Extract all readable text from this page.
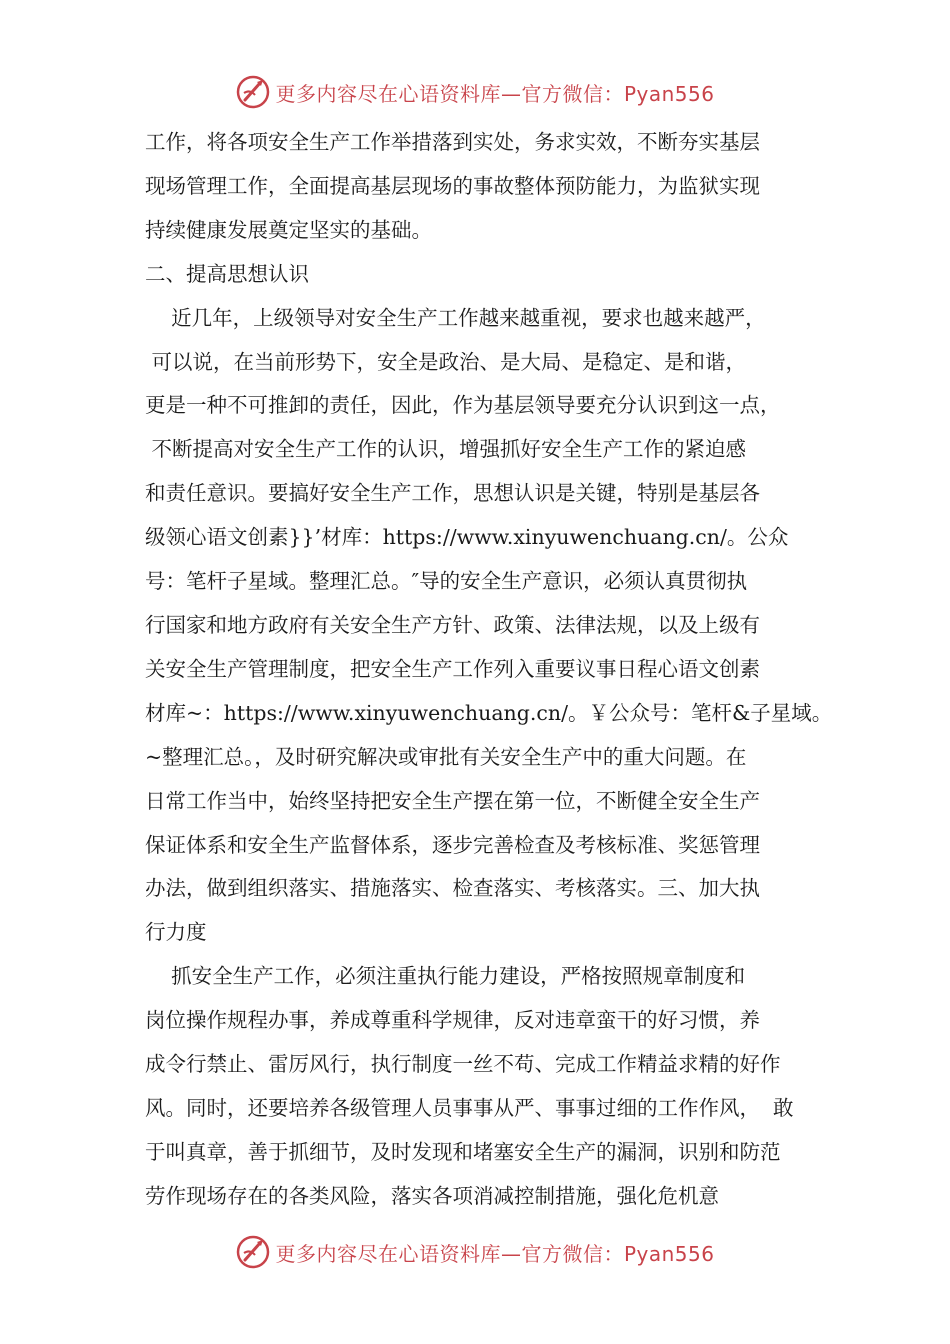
更多内容尽在心语资料库—官方微信：Pyan556
工作，将各项安全生产工作举措落到实处，务求实效，不断夯实基层
现场管理工作，全面提高基层现场的事故整体预防能力，为监狱实现
持续健康发展奠定坚实的基础。
二、提高思想认识
近几年，上级领导对安全生产工作越来越重视，要求也越来越严，
可以说，在当前形势下，安全是政治、是大局、是稳定、是和谐，
更是一种不可推卸的责任，因此，作为基层领导要充分认识到这一点，
不断提高对安全生产工作的认识，增强抓好安全生产工作的紧迫感
和责任意识。要搞好安全生产工作，思想认识是关键，特别是基层各
级领心语文创素}}’材库：https://www.xinyuwenchuang.cn/。公众
号：笔杆子星域。整理汇总。″导的安全生产意识，必须认真贯彻执
行国家和地方政府有关安全生产方针、政策、法律法规，以及上级有
关安全生产管理制度，把安全生产工作列入重要议事日程心语文创素
材库~：https://www.xinyuwenchuang.cn/。￥公众号：笔杆&子星域。
~整理汇总。，及时研究解决或审批有关安全生产中的重大问题。在
日常工作当中，始终坚持把安全生产摆在第一位，不断健全安全生产
保证体系和安全生产监督体系，逐步完善检查及考核标准、奖惩管理
办法，做到组织落实、措施落实、检查落实、考核落实。三、加大执
行力度
抓安全生产工作，必须注重执行能力建设，严格按照规章制度和
岗位操作规程办事，养成尊重科学规律，反对违章蛮干的好习惯，养
成令行禁止、雷厉风行，执行制度一丝不苟、完成工作精益求精的好作
风。同时，还要培养各级管理人员事事从严、事事过细的工作作风，  敢
于叫真章，善于抓细节，及时发现和堵塞安全生产的漏洞，识别和防范
劳作现场存在的各类风险，落实各项消减控制措施，强化危机意
更多内容尽在心语资料库—官方微信：Pyan556
